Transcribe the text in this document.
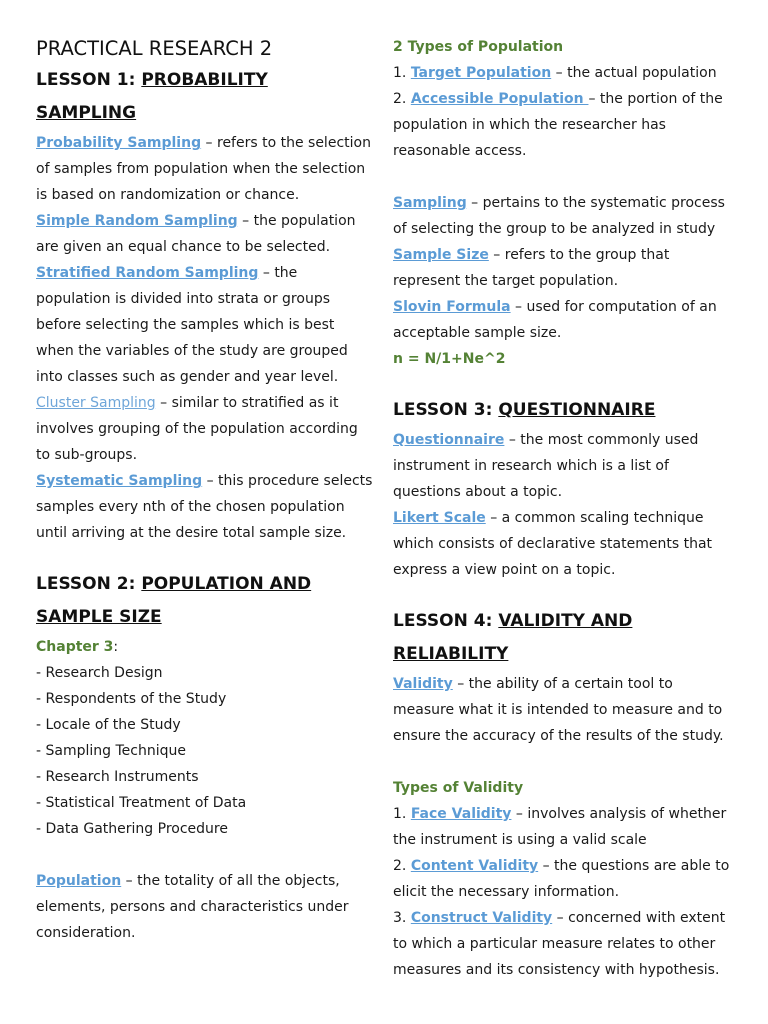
PRACTICAL RESEARCH 2
LESSON 1: PROBABILITY
SAMPLING

Probability Sampling – refers to the selection of samples from population when the selection is based on randomization or chance.

Simple Random Sampling – the population are given an equal chance to be selected.

Stratified Random Sampling – the population is divided into strata or groups before selecting the samples which is best when the variables of the study are grouped into classes such as gender and year level.

Cluster Sampling – similar to stratified as it involves grouping of the population according to sub-groups.

Systematic Sampling – this procedure selects samples every nth of the chosen population until arriving at the desire total sample size.

LESSON 2: POPULATION AND
SAMPLE SIZE

Chapter 3:

- Research Design
- Respondents of the Study
- Locale of the Study
- Sampling Technique
- Research Instruments
- Statistical Treatment of Data
- Data Gathering Procedure

Population – the totality of all the objects, elements, persons and characteristics under consideration.

2 Types of Population

1. Target Population – the actual population

2. Accessible Population – the portion of the population in which the researcher has reasonable access.

Sampling – pertains to the systematic process of selecting the group to be analyzed in study

Sample Size – refers to the group that represent the target population.

Slovin Formula – used for computation of an acceptable sample size.

n = N/1+Ne^2

LESSON 3: QUESTIONNAIRE

Questionnaire – the most commonly used instrument in research which is a list of questions about a topic.

Likert Scale – a common scaling technique which consists of declarative statements that express a view point on a topic.

LESSON 4: VALIDITY AND
RELIABILITY

Validity – the ability of a certain tool to measure what it is intended to measure and to ensure the accuracy of the results of the study.

Types of Validity

1. Face Validity – involves analysis of whether the instrument is using a valid scale

2. Content Validity – the questions are able to elicit the necessary information.

3. Construct Validity – concerned with extent to which a particular measure relates to other measures and its consistency with hypothesis.
